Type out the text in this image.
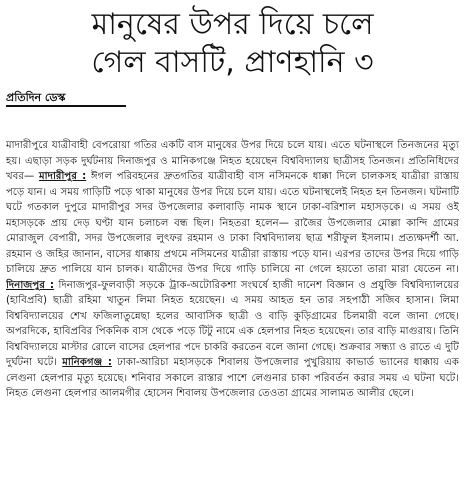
মানুষের উপর দিয়ে চলে
গেল বাসটি, প্রাণহানি ৩
প্রতিদিন ডেস্ক

মাদারীপুরে যাত্রীবাহী বেপরোয়া গতির একটি বাস মানুষের উপর দিয়ে চলে যায়। এতে ঘটনাস্থলে তিনজনের মৃত্যু হয়। এছাড়া সড়ক দুর্ঘটনায় দিনাজপুর ও মানিকগঞ্জে নিহত হয়েছেন বিশ্ববিদ্যালয় ছাত্রীসহ তিনজন। প্রতিনিধিদের খবর— মাদারীপুর : ঈগল পরিবহনের দ্রুতগতির যাত্রীবাহী বাস নসিমনকে ধাক্কা দিলে চালকসহ যাত্রীরা রাস্তায় পড়ে যান। এ সময় গাড়িটি পড়ে থাকা মানুষের উপর দিয়ে চলে যায়। এতে ঘটনাস্থলেই নিহত হন তিনজন। ঘটনাটি ঘটে গতকাল দুপুরে মাদারীপুর সদর উপজেলার কলাবাড়ি নামক স্থানে ঢাকা-বরিশাল মহাসড়কে। এ সময় ওই মহাসড়কে প্রায় দেড় ঘণ্টা যান চলাচল বন্ধ ছিল। নিহতরা হলেন— রাজৈর উপজেলার মোল্লা কান্দি গ্রামের মোরাজুল বেপারী, সদর উপজেলার লুৎফর রহমান ও ঢাকা বিশ্ববিদ্যালয় ছাত্র শরীফুল ইসলাম। প্রত্যক্ষদর্শী আ. রহমান ও জহির জানান, বাসের ধাক্কায় প্রথমে নসিমনের যাত্রীরা রাস্তায় পড়ে যান। এরপর তাদের উপর দিয়ে গাড়ি চালিয়ে দ্রুত পালিয়ে যান চালক। যাত্রীদের উপর দিয়ে গাড়ি চালিয়ে না গেলে হয়তো তারা মারা যেতেন না। দিনাজপুর : দিনাজপুর-ফুলবাড়ী সড়কে ট্রাক-অটোরিকশা সংঘর্ষে হাজী দানেশ বিজ্ঞান ও প্রযুক্তি বিশ্ববিদ্যালয়ের (হাবিপ্রবি) ছাত্রী রহিমা খাতুন লিমা নিহত হয়েছেন। এ সময় আহত হন তার সহপাঠী সজিব হাসান। লিমা বিশ্ববিদ্যালয়ের শেখ ফজিলাতুন্নেছা হলের আবাসিক ছাত্রী ও বাড়ি কুড়িগ্রামের চিলমারী বলে জানা গেছে। অপরদিকে, হাবিপ্রবির পিকনিক বাস থেকে পড়ে টিটু নামে এক হেলপার নিহত হয়েছেন। তার বাড়ি মাগুরায়। তিনি বিশ্ববিদ্যালয়ে মাস্টার রোলে বাসের হেলপার পদে চাকরি করতেন বলে জানা গেছে। শুক্রবার সন্ধ্যা ও রাতে এ দুটি দুর্ঘটনা ঘটে। মানিকগঞ্জ : ঢাকা-আরিচা মহাসড়কে শিবালয় উপজেলার পুখুরিয়ায় কাভার্ড ভ্যানের ধাক্কায় এক লেগুনা হেলপার মৃত্যু হয়েছে। শনিবার সকালে রাস্তার পাশে লেগুনার চাকা পরিবর্তন করার সময় এ ঘটনা ঘটে। নিহত লেগুনা হেলপার আলমগীর হোসেন শিবালয় উপজেলার তেওতা গ্রামের সালামত আলীর ছেলে।
